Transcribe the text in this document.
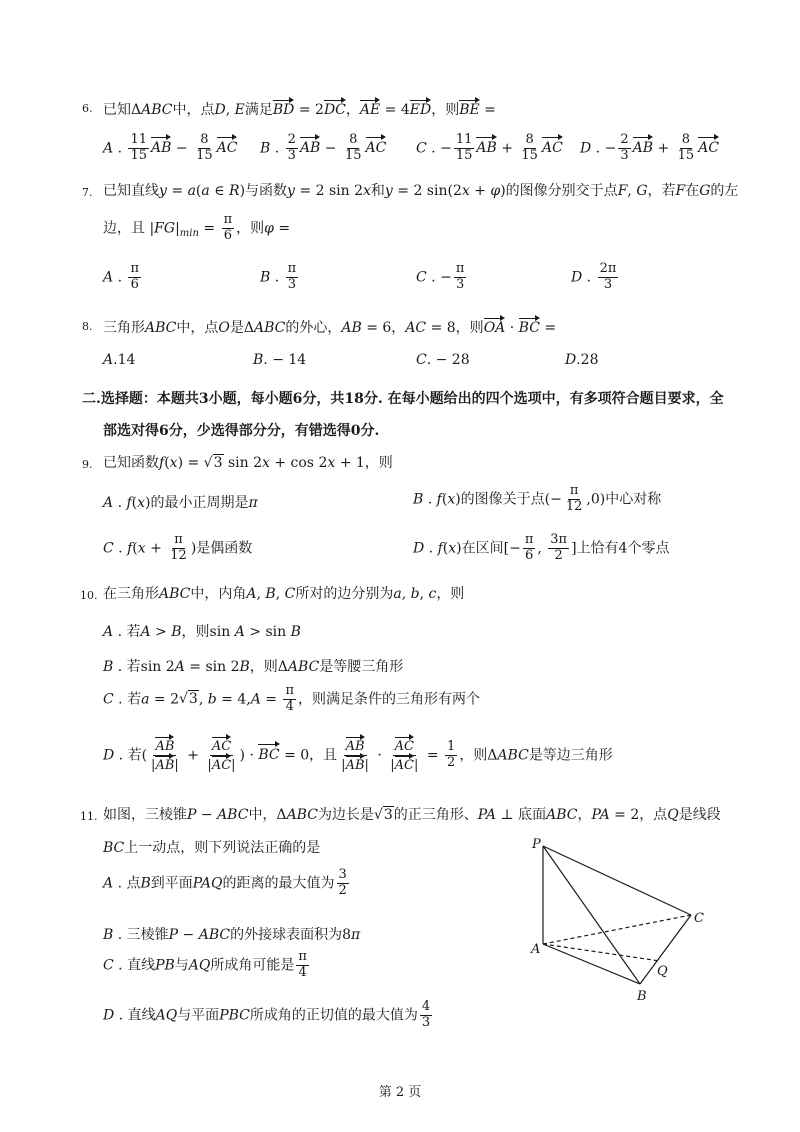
6. 已知ΔABC中，点D, E满足BD = 2DC，AE = 4ED，则BE =
A . $\frac{11}{15}$ AB − $\frac{8}{15}$ AC B . $\frac{2}{3}$ AB − $\frac{8}{15}$ AC C . − $\frac{11}{15}$ AB + $\frac{8}{15}$ AC D . − $\frac{2}{3}$ AB + $\frac{8}{15}$ AC
7. 已知直线y = a(a ∈ R)与函数y = 2 sin 2x和y = 2 sin(2x + φ)的图像分别交于点F, G，若F在G的左
边，且 $|FG|_{min} = \frac{\pi}{6}$ ，则φ =
A . $\frac{\pi}{6}$	B . $\frac{\pi}{3}$	C . − $\frac{\pi}{3}$	D . $\frac{2\pi}{3}$
8. 三角形ABC中，点O是ΔABC的外心，AB = 6，AC = 8，则OA · BC =
A.14	B. − 14	C. − 28	D.28
二.选择题：本题共3小题，每小题6分，共18分. 在每小题给出的四个选项中，有多项符合题目要求，全
部选对得6分，少选得部分分，有错选得0分.
9. 已知函数f(x) = √3 sin 2x + cos 2x + 1，则
A . f(x)的最小正周期是π	B . f(x)的图像关于点(− $\frac{\pi}{12} ,0$)中心对称
C . $f(x + \frac{\pi}{12}$ )是偶函数	D . f(x)在区间[− $\frac{\pi}{6}$ , $\frac{3\pi}{2}$ ]上恰有4个零点
10. 在三角形ABC中，内角A, B, C所对的边分别为a, b, c，则
A . 若A > B，则sin A > sin B
B . 若sin 2A = sin 2B，则ΔABC是等腰三角形
C . 若a = 2√3, $b = 4,A = \frac{\pi}{4}$ ，则满足条件的三角形有两个
D . 若( $\frac{AB}{|AB|} + \frac{AC}{|AC|}$ ) · BC = 0，且 $\frac{AB}{|AB|} \cdot \frac{AC}{|AC|} = \frac{1}{2}$ ，则ΔABC是等边三角形
11. 如图，三棱锥P − ABC中，ΔABC为边长是√3的正三角形、PA ⊥ 底面ABC，PA = 2，点Q是线段
BC上一动点，则下列说法正确的是
A . 点B到平面PAQ的距离的最大值为 $\frac{3}{2}$
B . 三棱锥P − ABC的外接球表面积为8π
C . 直线PB与AQ所成角可能是 $\frac{\pi}{4}$
D . 直线AQ与平面PBC所成角的正切值的最大值为 $\frac{4}{3}$
P
A
B
C
Q
第 2 页
